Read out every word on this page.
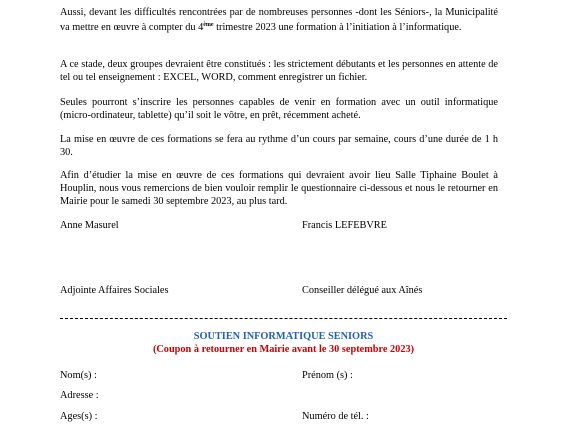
Aussi, devant les difficultés rencontrées par de nombreuses personnes -dont les Séniors-, la Municipalité va mettre en œuvre à compter du 4ème trimestre 2023 une formation à l’initiation à l’informatique.

A ce stade, deux groupes devraient être constitués : les strictement débutants et les personnes en attente de tel ou tel enseignement : EXCEL, WORD, comment enregistrer un fichier.

Seules pourront s’inscrire les personnes capables de venir en formation avec un outil informatique (micro-ordinateur, tablette) qu’il soit le vôtre, en prêt, récemment acheté.

La mise en œuvre de ces formations se fera au rythme d’un cours par semaine, cours d’une durée de 1 h 30.

Afin d’étudier la mise en œuvre de ces formations qui devraient avoir lieu Salle Tiphaine Boulet à Houplin, nous vous remercions de bien vouloir remplir le questionnaire ci-dessous et nous le retourner en Mairie pour le samedi 30 septembre 2023, au plus tard.

Anne Masurel	Francis LEFEBVRE
Adjointe Affaires Sociales	Conseiller délégué aux Aînés
SOUTIEN INFORMATIQUE SENIORS
(Coupon à retourner en Mairie avant le 30 septembre 2023)
Nom(s) :	Prénom (s) :
Adresse :
Ages(s) :	Numéro de tél. :
